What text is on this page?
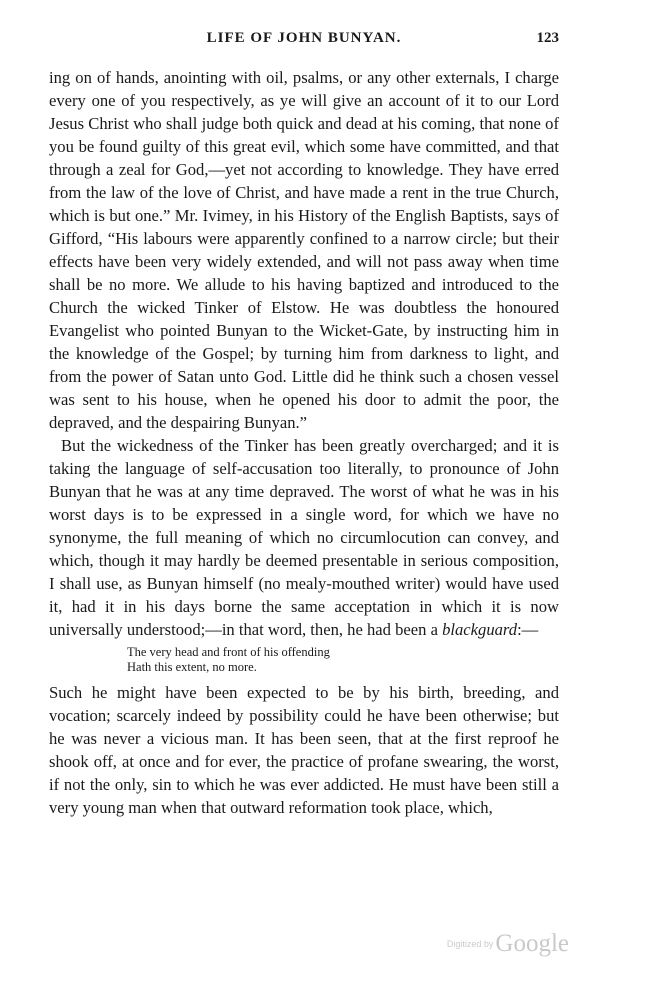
LIFE OF JOHN BUNYAN.	123

ing on of hands, anointing with oil, psalms, or any other externals, I charge every one of you respectively, as ye will give an account of it to our Lord Jesus Christ who shall judge both quick and dead at his coming, that none of you be found guilty of this great evil, which some have committed, and that through a zeal for God,—yet not according to knowledge. They have erred from the law of the love of Christ, and have made a rent in the true Church, which is but one.” Mr. Ivimey, in his History of the English Baptists, says of Gifford, “His labours were apparently confined to a narrow circle; but their effects have been very widely extended, and will not pass away when time shall be no more. We allude to his having baptized and introduced to the Church the wicked Tinker of Elstow. He was doubtless the honoured Evangelist who pointed Bunyan to the Wicket-Gate, by instructing him in the knowledge of the Gospel; by turning him from darkness to light, and from the power of Satan unto God. Little did he think such a chosen vessel was sent to his house, when he opened his door to admit the poor, the depraved, and the despairing Bunyan.”

But the wickedness of the Tinker has been greatly overcharged; and it is taking the language of self-accusation too literally, to pronounce of John Bunyan that he was at any time depraved. The worst of what he was in his worst days is to be expressed in a single word, for which we have no synonyme, the full meaning of which no circumlocution can convey, and which, though it may hardly be deemed presentable in serious composition, I shall use, as Bunyan himself (no mealy-mouthed writer) would have used it, had it in his days borne the same acceptation in which it is now universally understood;—in that word, then, he had been a blackguard:—

The very head and front of his offending
Hath this extent, no more.

Such he might have been expected to be by his birth, breeding, and vocation; scarcely indeed by possibility could he have been otherwise; but he was never a vicious man. It has been seen, that at the first reproof he shook off, at once and for ever, the practice of profane swearing, the worst, if not the only, sin to which he was ever addicted. He must have been still a very young man when that outward reformation took place, which,

$^{Digitized by}$Google
